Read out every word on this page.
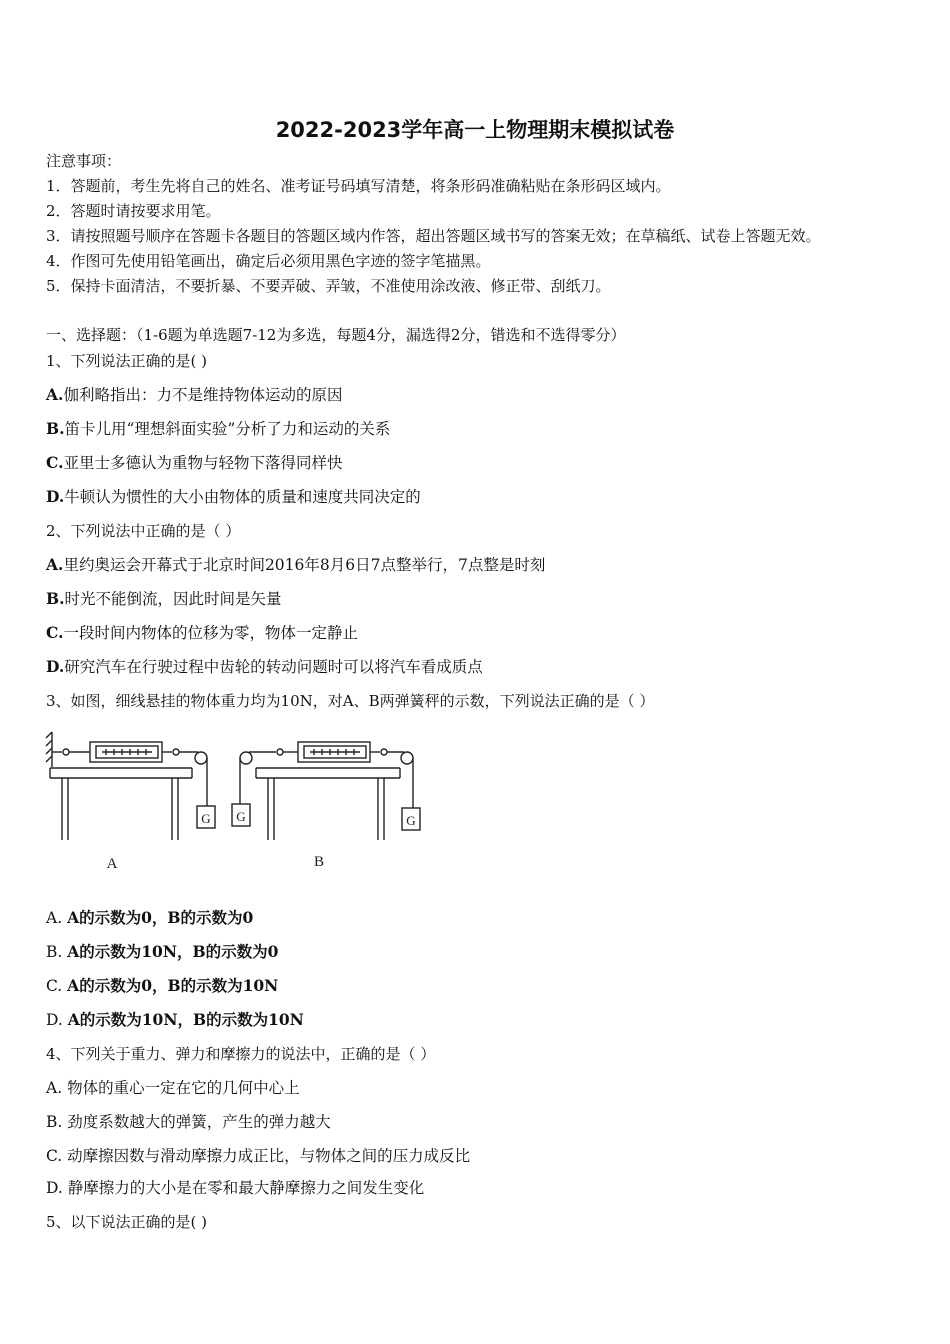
2022-2023学年高一上物理期末模拟试卷
注意事项：
1．答题前，考生先将自己的姓名、准考证号码填写清楚，将条形码准确粘贴在条形码区域内。
2．答题时请按要求用笔。
3．请按照题号顺序在答题卡各题目的答题区域内作答，超出答题区域书写的答案无效；在草稿纸、试卷上答题无效。
4．作图可先使用铅笔画出，确定后必须用黑色字迹的签字笔描黑。
5．保持卡面清洁，不要折暴、不要弄破、弄皱，不准使用涂改液、修正带、刮纸刀。
一、选择题：（1-6题为单选题7-12为多选，每题4分，漏选得2分，错选和不选得零分）
1、下列说法正确的是( )
A.伽利略指出：力不是维持物体运动的原因
B.笛卡儿用“理想斜面实验”分析了力和运动的关系
C.亚里士多德认为重物与轻物下落得同样快
D.牛顿认为惯性的大小由物体的质量和速度共同决定的
2、下列说法中正确的是（ ）
A.里约奥运会开幕式于北京时间2016年8月6日7点整举行，7点整是时刻
B.时光不能倒流，因此时间是矢量
C.一段时间内物体的位移为零，物体一定静止
D.研究汽车在行驶过程中齿轮的转动问题时可以将汽车看成质点
3、如图，细线悬挂的物体重力均为10N，对A、B两弹簧秤的示数，下列说法正确的是（ ）
G G	G
A	B
A. A的示数为0，B的示数为0
B. A的示数为10N，B的示数为0
C. A的示数为0，B的示数为10N
D. A的示数为10N，B的示数为10N
4、下列关于重力、弹力和摩擦力的说法中，正确的是（ ）
A. 物体的重心一定在它的几何中心上
B. 劲度系数越大的弹簧，产生的弹力越大
C. 动摩擦因数与滑动摩擦力成正比，与物体之间的压力成反比
D. 静摩擦力的大小是在零和最大静摩擦力之间发生变化
5、以下说法正确的是( )
